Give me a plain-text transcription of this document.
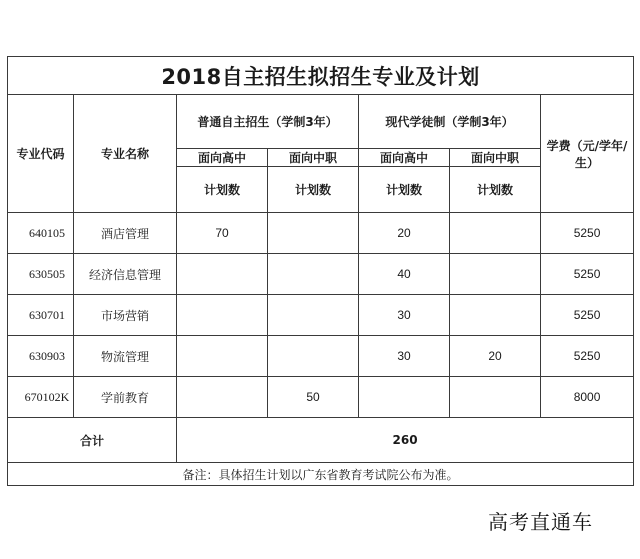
2018自主招生拟招生专业及计划						
专业代码	专业名称	普通自主招生（学制3年）		现代学徒制（学制3年）		学费（元/学年/生）
		面向高中	面向中职	面向高中	面向中职	
		计划数	计划数	计划数	计划数	
640105	酒店管理	70		20		5250
630505	经济信息管理			40		5250
630701	市场营销			30		5250
630903	物流管理			30	20	5250
670102K	学前教育		50			8000
合计		260				
备注：具体招生计划以广东省教育考试院公布为准。						
高考直通车
